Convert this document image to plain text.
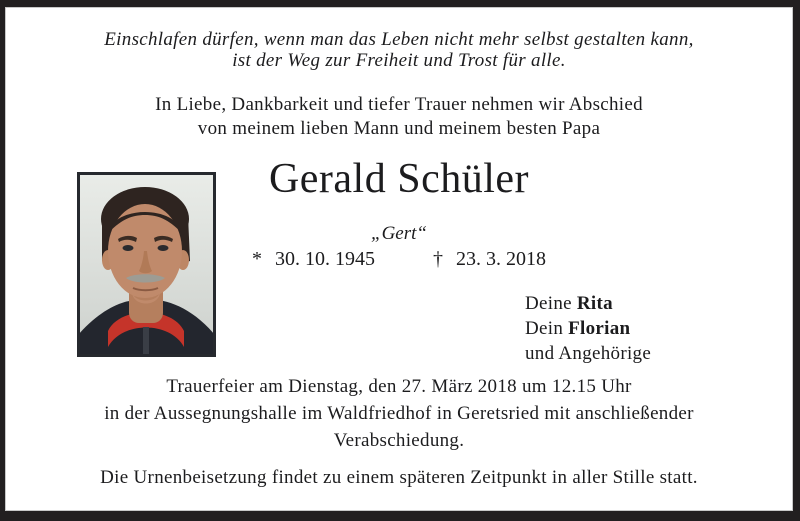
Einschlafen dürfen, wenn man das Leben nicht mehr selbst gestalten kann,
ist der Weg zur Freiheit und Trost für alle.
In Liebe, Dankbarkeit und tiefer Trauer nehmen wir Abschied
von meinem lieben Mann und meinem besten Papa
Gerald Schüler
„Gert“
* 30. 10. 1945	† 23. 3. 2018
Deine Rita
Dein Florian
und Angehörige
Trauerfeier am Dienstag, den 27. März 2018 um 12.15 Uhr
in der Aussegnungshalle im Waldfriedhof in Geretsried mit anschließender
Verabschiedung.
Die Urnenbeisetzung findet zu einem späteren Zeitpunkt in aller Stille statt.
